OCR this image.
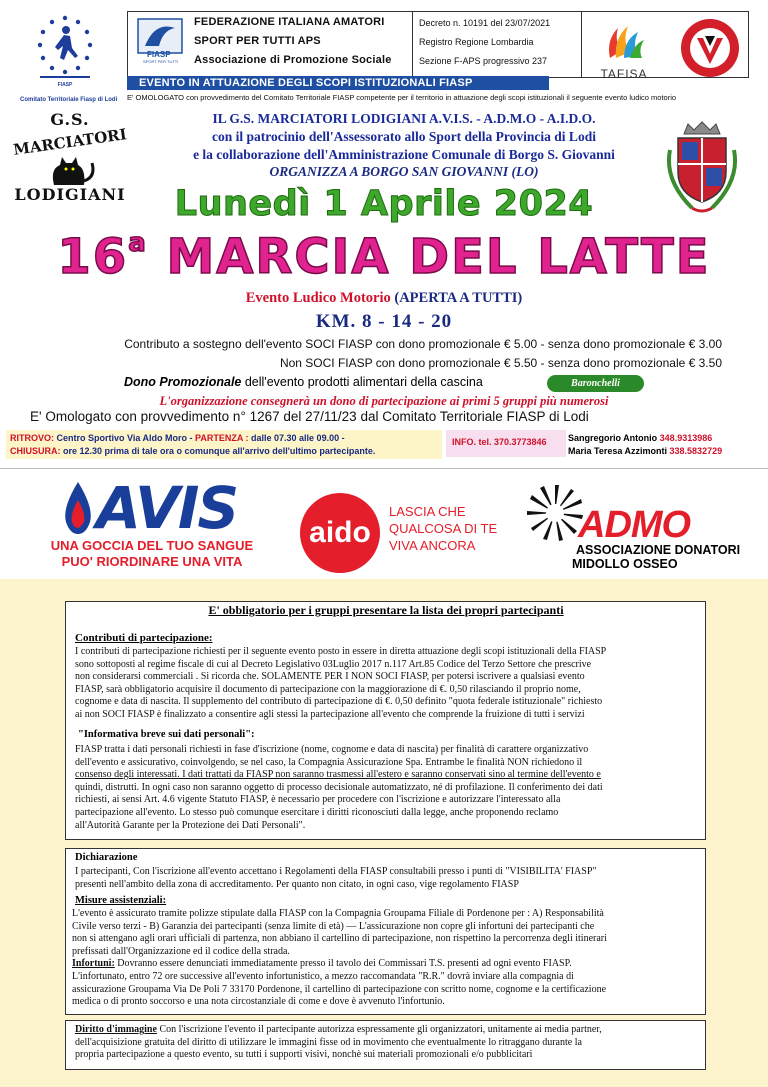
FIASP
Comitato Territoriale Fiasp di Lodi
FIASP
SPORT PER TUTTI
FEDERAZIONE ITALIANA AMATORI
SPORT PER TUTTI APS
Associazione di Promozione Sociale
Decreto n. 10191 del 23/07/2021
Registro Regione Lombardia
Sezione F-APS progressivo 237
TAFISA
EVENTO IN ATTUAZIONE DEGLI SCOPI ISTITUZIONALI FIASP
E' OMOLOGATO con provvedimento del Comitato Territoriale FIASP competente per il territorio in attuazione degli scopi istituzionali il seguente evento ludico motorio
G.S.
MARCIATORI
LODIGIANI
IL G.S. MARCIATORI LODIGIANI A.V.I.S. - A.D.M.O - A.I.D.O.
con il patrocinio dell'Assessorato allo Sport della Provincia di Lodi
e la collaborazione dell'Amministrazione Comunale di Borgo S. Giovanni
ORGANIZZA A BORGO SAN GIOVANNI (LO)
Lunedì 1 Aprile 2024
16$^a$ MARCIA DEL LATTE
Evento Ludico Motorio (APERTA A TUTTI)
KM. 8 - 14 - 20
Contributo a sostegno dell'evento SOCI FIASP con dono promozionale € 5.00 - senza dono promozionale € 3.00
Non SOCI FIASP con dono promozionale € 5.50 - senza dono promozionale € 3.50
Dono Promozionale dell'evento prodotti alimentari della cascina	Baronchelli
L'organizzazione consegnerà un dono di partecipazione ai primi 5 gruppi più numerosi
E' Omologato con provvedimento n° 1267 del 27/11/23 dal Comitato Territoriale FIASP di Lodi
RITROVO: Centro Sportivo Via Aldo Moro - PARTENZA : dalle 07.30 alle 09.00 -
CHIUSURA: ore 12.30 prima di tale ora o comunque all'arrivo dell'ultimo partecipante.
INFO. tel. 370.3773846	Sangregorio Antonio 348.9313986
Maria Teresa Azzimonti 338.5832729
AVIS
UNA GOCCIA DEL TUO SANGUE
PUO' RIORDINARE UNA VITA
aido
LASCIA CHE
QUALCOSA DI TE
VIVA ANCORA	ADMO
ASSOCIAZIONE DONATORI
MIDOLLO OSSEO
E' obbligatorio per i gruppi presentare la lista dei propri partecipanti
Contributi di partecipazione:
I contributi di partecipazione richiesti per il seguente evento posto in essere in diretta attuazione degli scopi istituzionali della FIASP
sono sottoposti al regime fiscale di cui al Decreto Legislativo 03Luglio 2017 n.117 Art.85 Codice del Terzo Settore che prescrive
non considerarsi commerciali . Si ricorda che. SOLAMENTE PER I NON SOCI FIASP, per potersi iscrivere a qualsiasi evento
FIASP, sarà obbligatorio acquisire il documento di partecipazione con la maggiorazione di €. 0,50 rilasciando il proprio nome,
cognome e data di nascita. Il supplemento del contributo di partecipazione di €. 0,50 definito "quota federale istituzionale" richiesto
ai non SOCI FIASP è finalizzato a consentire agli stessi la partecipazione all'evento che comprende la fruizione di tutti i servizi
"Informativa breve sui dati personali":
FIASP tratta i dati personali richiesti in fase d'iscrizione (nome, cognome e data di nascita) per finalità di carattere organizzativo
dell'evento e assicurativo, coinvolgendo, se nel caso, la Compagnia Assicurazione Spa. Entrambe le finalità NON richiedono il
consenso degli interessati. I dati trattati da FIASP non saranno trasmessi all'estero e saranno conservati sino al termine dell'evento e
quindi, distrutti. In ogni caso non saranno oggetto di processo decisionale automatizzato, né di profilazione. Il conferimento dei dati
richiesti, ai sensi Art. 4.6 vigente Statuto FIASP, è necessario per procedere con l'iscrizione e autorizzare l'interessato alla
partecipazione all'evento. Lo stesso può comunque esercitare i diritti riconosciuti dalla legge, anche proponendo reclamo
all'Autorità Garante per la Protezione dei Dati Personali".
Dichiarazione
I partecipanti, Con l'iscrizione all'evento accettano i Regolamenti della FIASP consultabili presso i punti di "VISIBILITA' FIASP"
presenti nell'ambito della zona di accreditamento. Per quanto non citato, in ogni caso, vige regolamento FIASP
Misure assistenziali:
L'evento è assicurato tramite polizze stipulate dalla FIASP con la Compagnia Groupama Filiale di Pordenone per : A) Responsabilità
Civile verso terzi - B) Garanzia dei partecipanti (senza limite di età) — L'assicurazione non copre gli infortuni dei partecipanti che
non si attengano agli orari ufficiali di partenza, non abbiano il cartellino di partecipazione, non rispettino la percorrenza degli itinerari
prefissati dall'Organizzazione ed il codice della strada.
Infortuni: Dovranno essere denunciati immediatamente presso il tavolo dei Commissari T.S. presenti ad ogni evento FIASP.
L'infortunato, entro 72 ore successive all'evento infortunistico, a mezzo raccomandata "R.R." dovrà inviare alla compagnia di
assicurazione Groupama Via De Poli 7 33170 Pordenone, il cartellino di partecipazione con scritto nome, cognome e la certificazione
medica o di pronto soccorso e una nota circostanziale di come e dove è avvenuto l'infortunio.
Diritto d'immagine Con l'iscrizione l'evento il partecipante autorizza espressamente gli organizzatori, unitamente ai media partner,
dell'acquisizione gratuita del diritto di utilizzare le immagini fisse od in movimento che eventualmente lo ritraggano durante la
propria partecipazione a questo evento, su tutti i supporti visivi, nonchè sui materiali promozionali e/o pubblicitari
